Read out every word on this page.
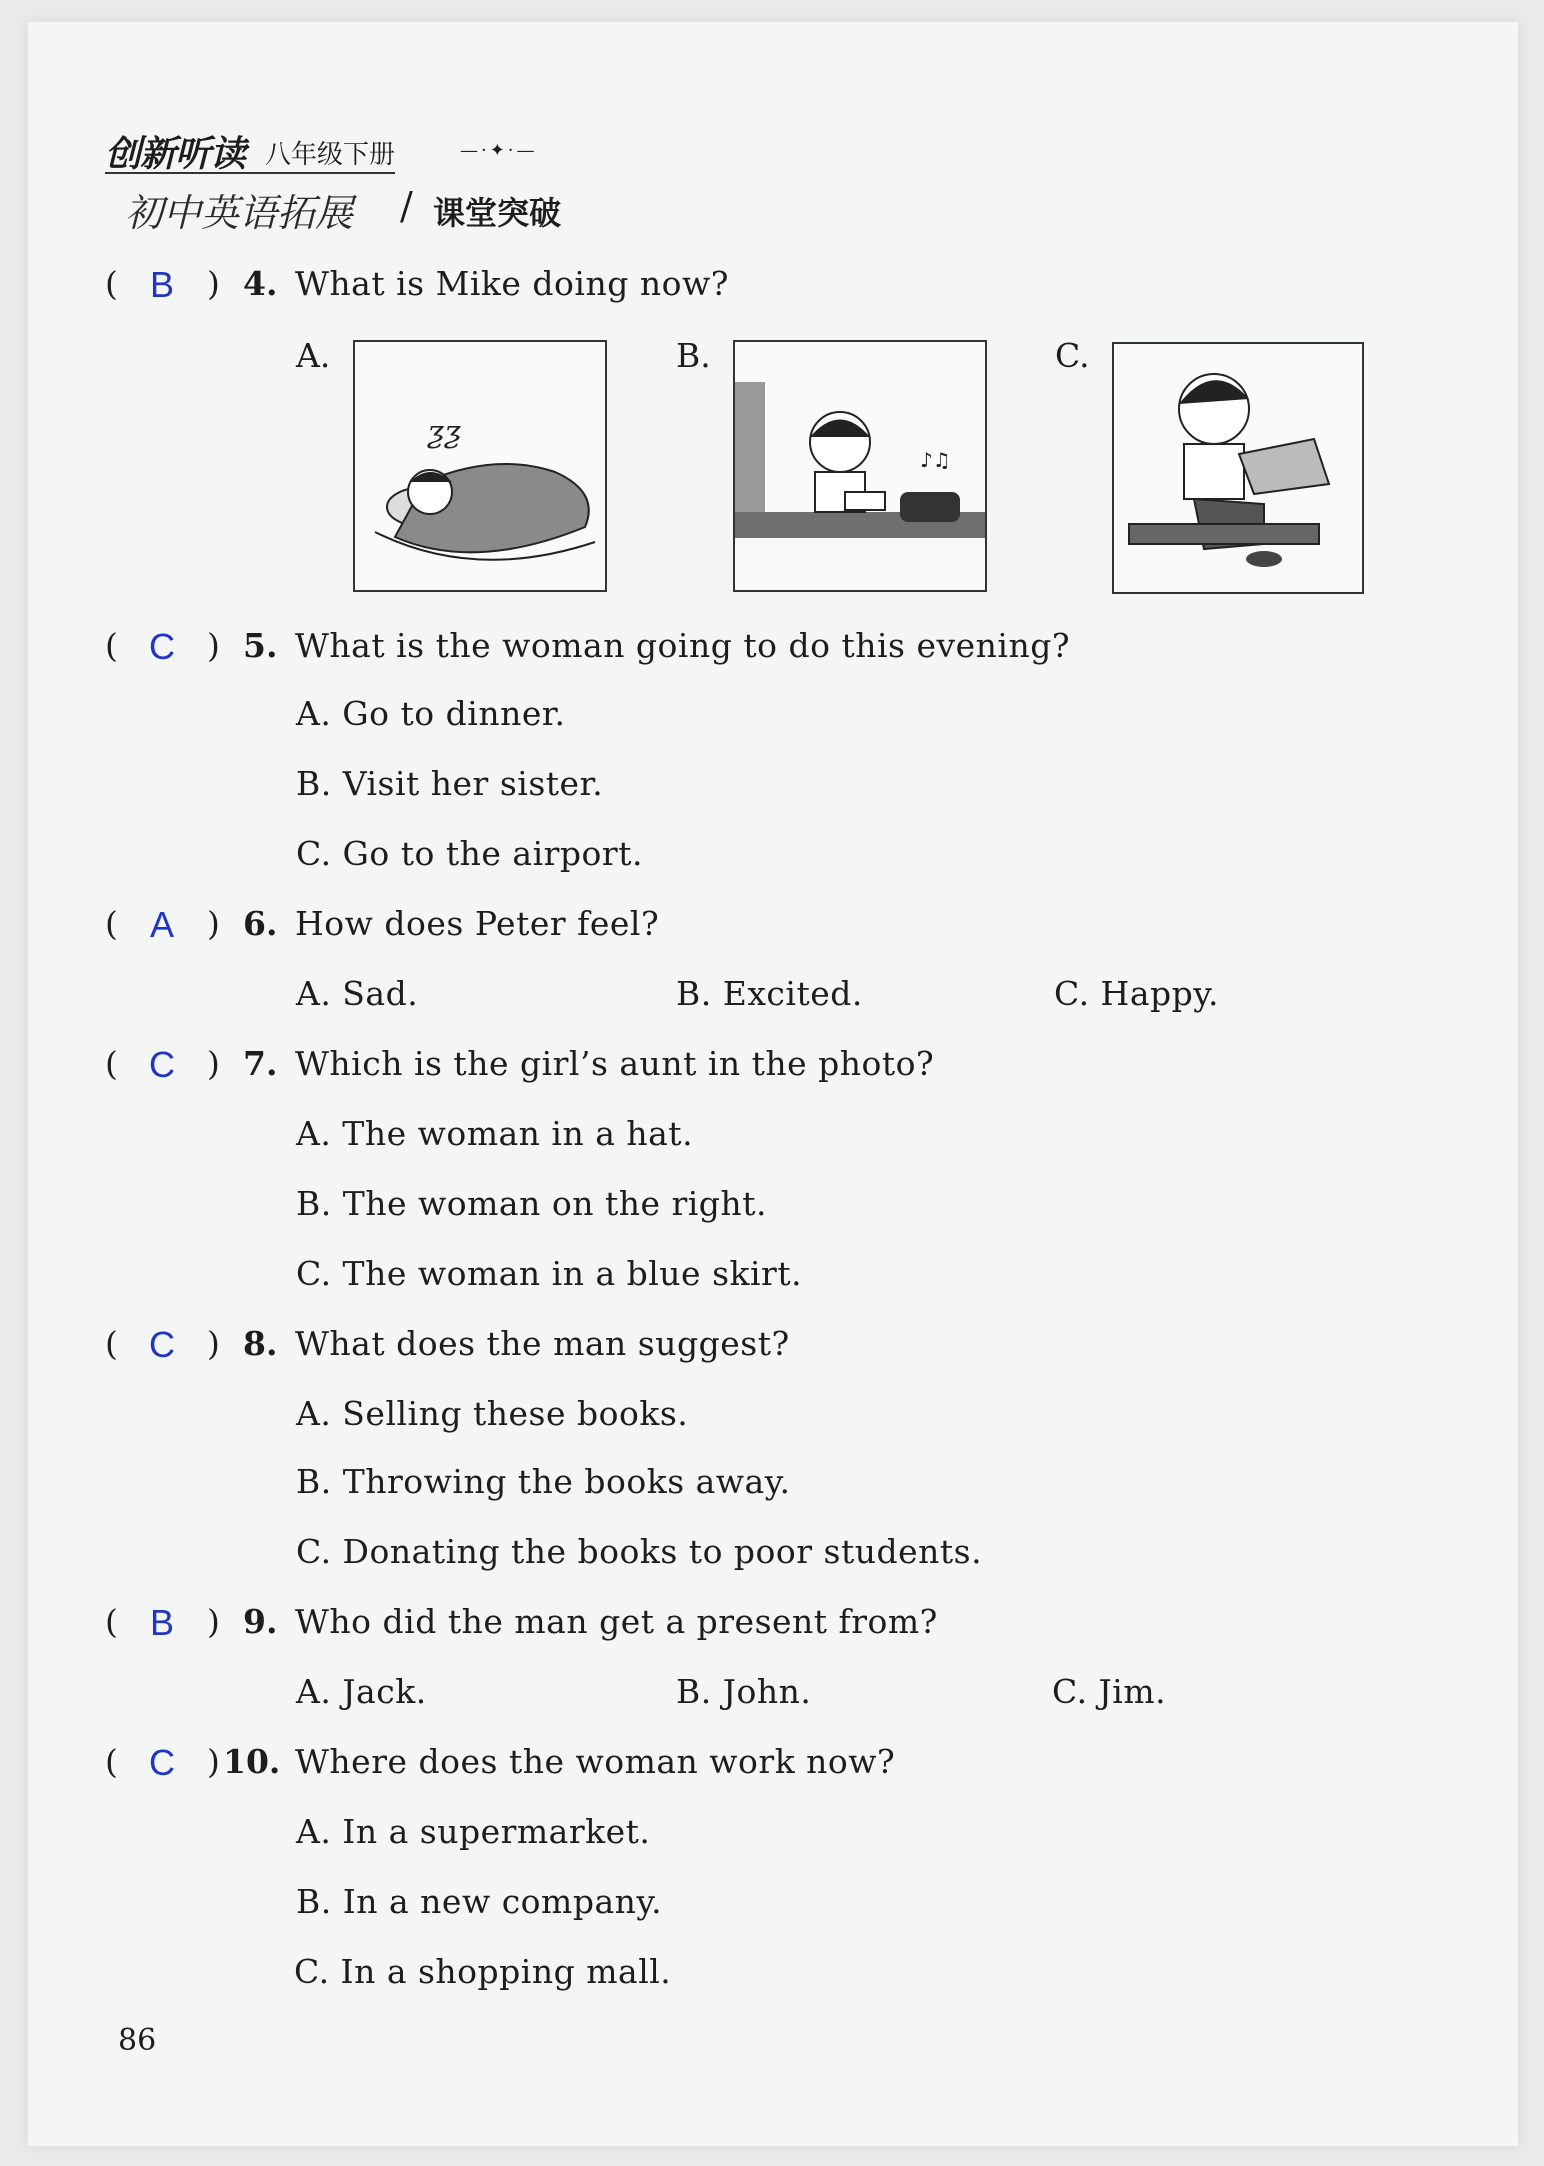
创新听读 八年级下册	—·✦·—
初中英语拓展 / 课堂突破
( B ) 4. What is Mike doing now?
A.
ƺƺ
B.
♪♫
C.
( C ) 5. What is the woman going to do this evening?
A. Go to dinner.
B. Visit her sister.
C. Go to the airport.
( A ) 6. How does Peter feel?
A. Sad.	B. Excited.	C. Happy.
( C ) 7. Which is the girl’s aunt in the photo?
A. The woman in a hat.
B. The woman on the right.
C. The woman in a blue skirt.
( C ) 8. What does the man suggest?
A. Selling these books.
B. Throwing the books away.
C. Donating the books to poor students.
( B ) 9. Who did the man get a present from?
A. Jack.	B. John.	C. Jim.
( C ) 10. Where does the woman work now?
A. In a supermarket.
B. In a new company.
C. In a shopping mall.
86
